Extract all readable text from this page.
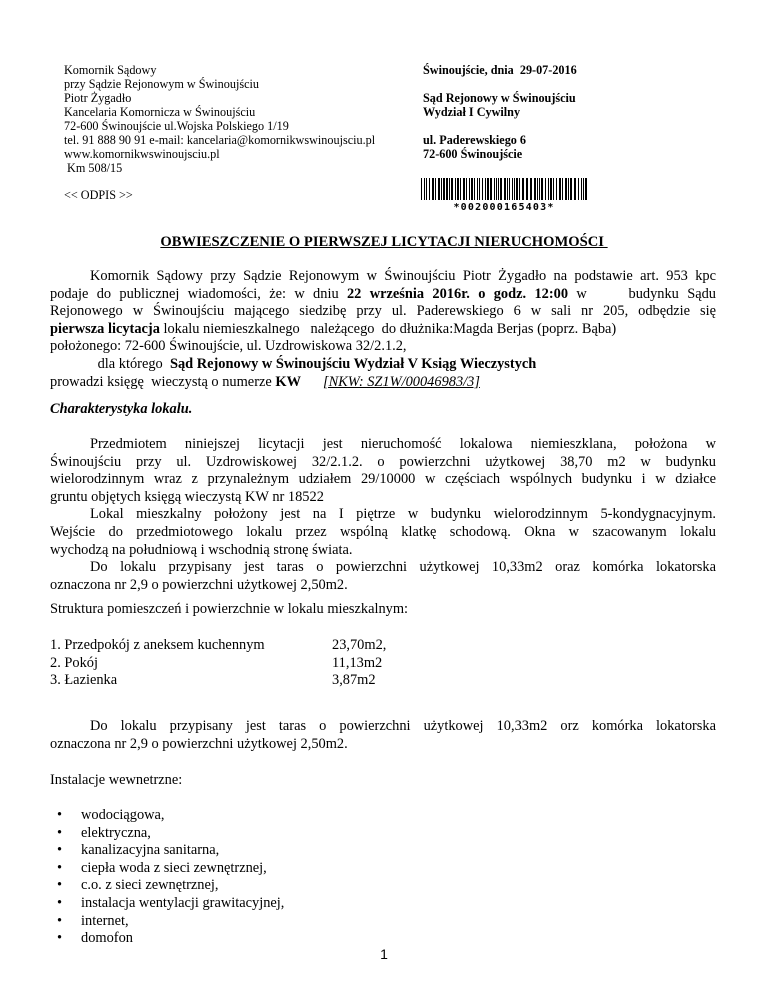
Komornik Sądowy
przy Sądzie Rejonowym w Świnoujściu
Piotr Żygadło
Kancelaria Komornicza w Świnoujściu
72-600 Świnoujście ul.Wojska Polskiego 1/19
tel. 91 888 90 91 e-mail: kancelaria@komornikwswinoujsciu.pl
www.komornikwswinoujsciu.pl
Km 508/15
Świnoujście, dnia  29-07-2016
Sąd Rejonowy w Świnoujściu
Wydział I Cywilny
ul. Paderewskiego 6
72-600 Świnoujście
<< ODPIS >>
*002000165403*
OBWIESZCZENIE O PIERWSZEJ LICYTACJI NIERUCHOMOŚCI
Komornik Sądowy przy Sądzie Rejonowym w Świnoujściu Piotr Żygadło na podstawie art. 953 kpc
podaje do publicznej wiadomości, że: w dniu 22 września 2016r. o godz. 12:00 w     budynku Sądu
Rejonowego w Świnoujściu mającego siedzibę przy ul. Paderewskiego 6 w sali nr 205, odbędzie się
pierwsza licytacja lokalu niemieszkalnego   należącego  do dłużnika:Magda Berjas (poprz. Bąba)
położonego: 72-600 Świnoujście, ul. Uzdrowiskowa 32/2.1.2,
dla którego  Sąd Rejonowy w Świnoujściu Wydział V Ksiąg Wieczystych
prowadzi księgę  wieczystą o numerze KW [NKW: SZ1W/00046983/3]
Charakterystyka lokalu.
Przedmiotem niniejszej licytacji jest nieruchomość lokalowa niemieszklana, położona w
Świnoujściu przy ul. Uzdrowiskowej 32/2.1.2. o powierzchni użytkowej 38,70 m2 w budynku
wielorodzinnym wraz z przynależnym udziałem 29/10000 w częściach wspólnych budynku i w działce
gruntu objętych księgą wieczystą KW nr 18522
Lokal mieszkalny położony jest na I piętrze w budynku wielorodzinnym 5-kondygnacyjnym.
Wejście do przedmiotowego lokalu przez wspólną klatkę schodową. Okna w szacowanym lokalu
wychodzą na południową i wschodnią stronę świata.
Do lokalu przypisany jest taras o powierzchni użytkowej 10,33m2 oraz komórka lokatorska
oznaczona nr 2,9 o powierzchni użytkowej 2,50m2.
Struktura pomieszczeń i powierzchnie w lokalu mieszkalnym:
1. Przedpokój z aneksem kuchennym	23,70m2,
2. Pokój	11,13m2
3. Łazienka	3,87m2
Do lokalu przypisany jest taras o powierzchni użytkowej 10,33m2 orz komórka lokatorska
oznaczona nr 2,9 o powierzchni użytkowej 2,50m2.
Instalacje wewnetrzne:
• wodociągowa,
• elektryczna,
• kanalizacyjna sanitarna,
• ciepła woda z sieci zewnętrznej,
• c.o. z sieci zewnętrznej,
• instalacja wentylacji grawitacyjnej,
• internet,
• domofon
1
